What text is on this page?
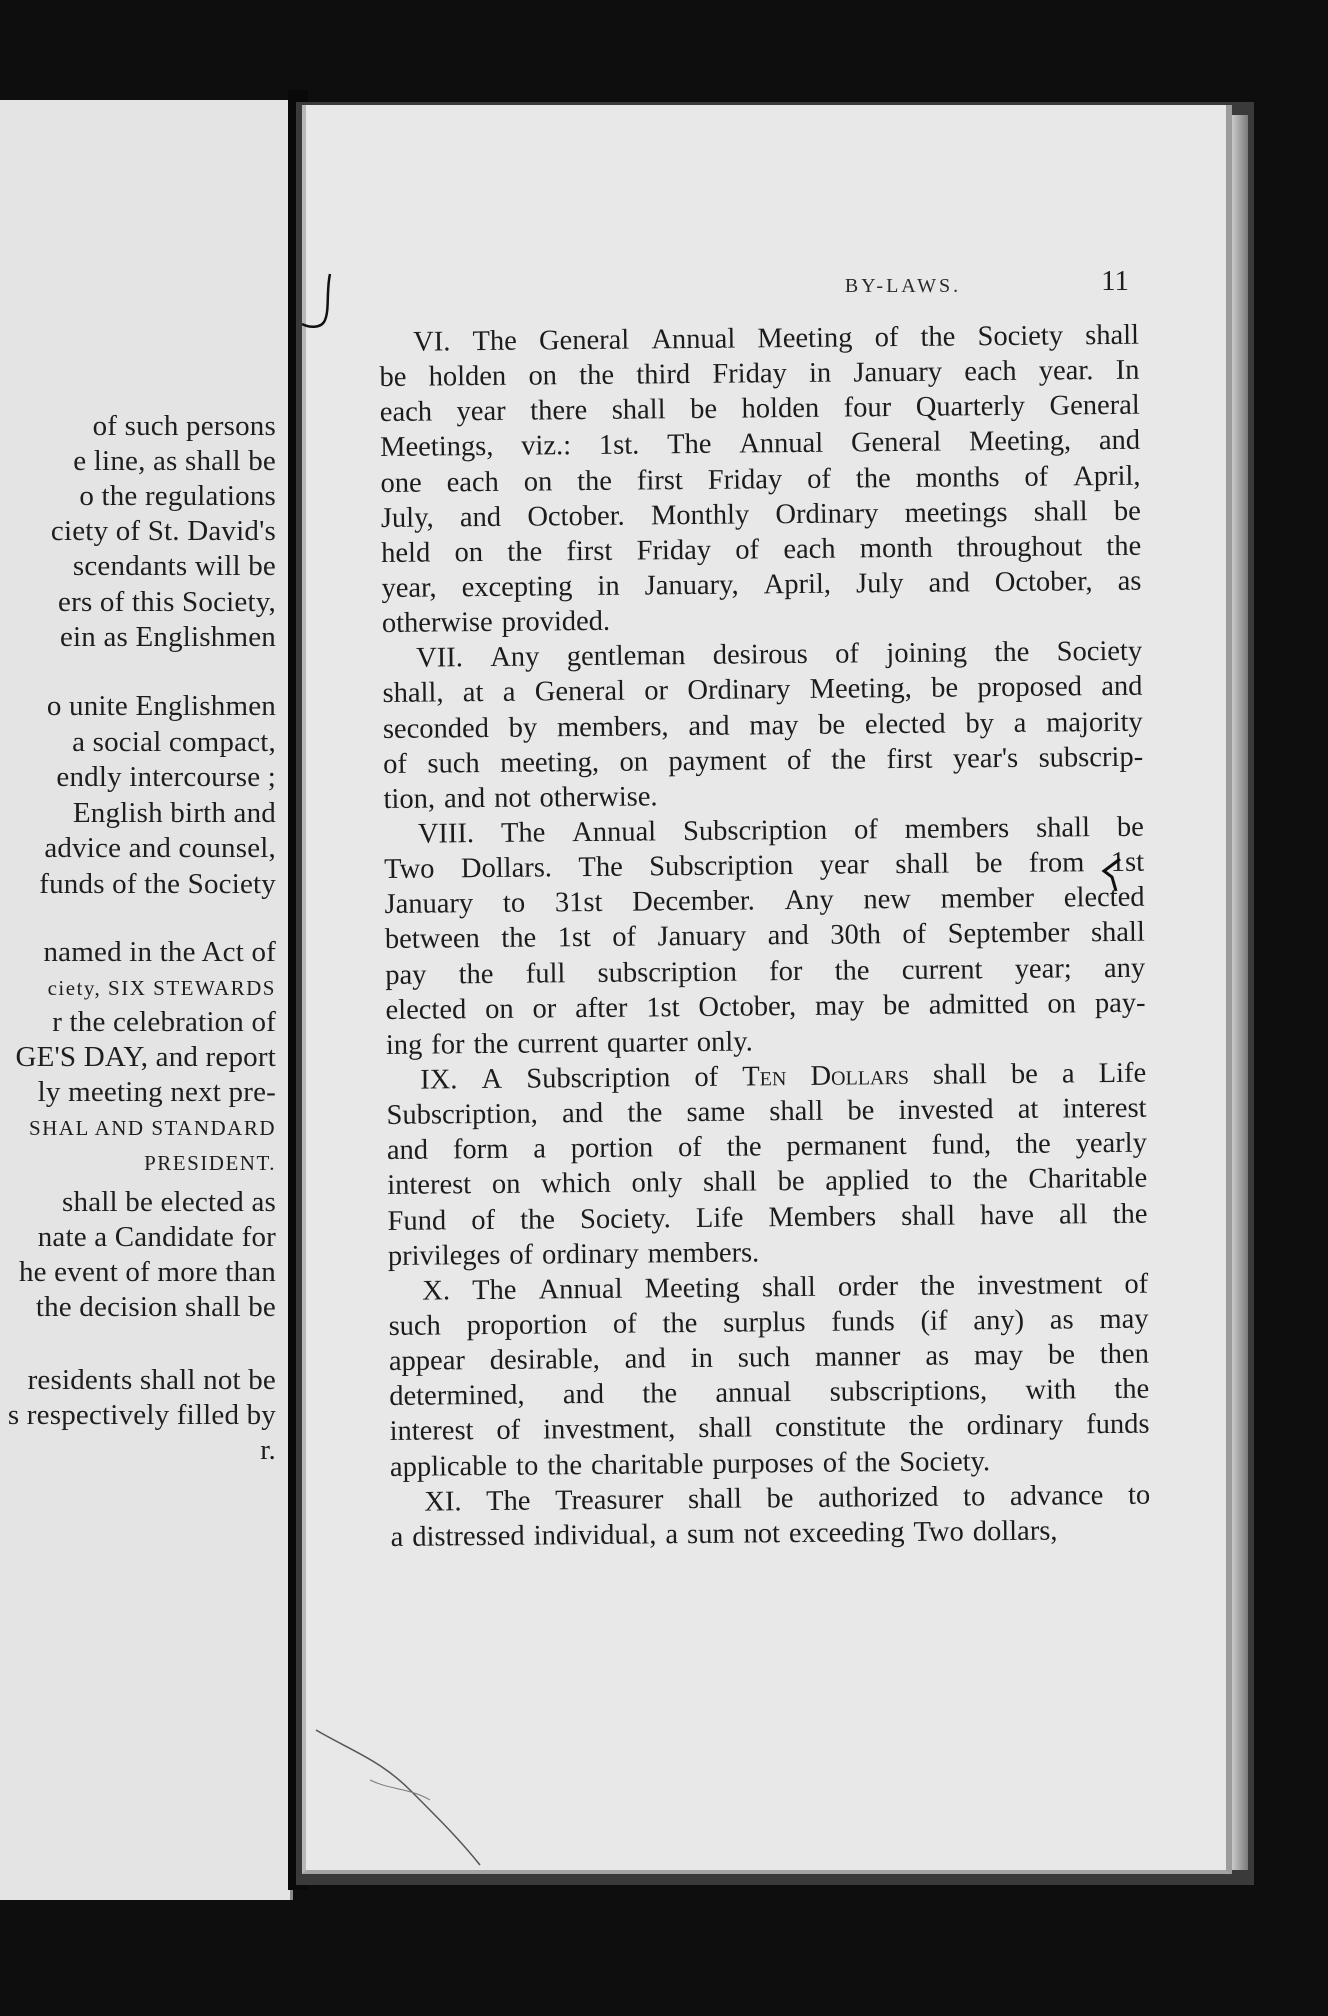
of such persons
e line, as shall be
o the regulations
ciety of St. David's
scendants will be
ers of this Society,
ein as Englishmen
o unite Englishmen
a social compact,
endly intercourse ;
English birth and
advice and counsel,
funds of the Society
named in the Act of
ciety, SIX STEWARDS
r the celebration of
GE'S DAY, and report
ly meeting next pre-
SHAL AND STANDARD
PRESIDENT.
shall be elected as
nate a Candidate for
he event of more than
the decision shall be
residents shall not be
s respectively filled by
r.
BY-LAWS.	11
VI. The General Annual Meeting of the Society shall
be holden on the third Friday in January each year. In
each year there shall be holden four Quarterly General
Meetings, viz.: 1st. The Annual General Meeting, and
one each on the first Friday of the months of April,
July, and October. Monthly Ordinary meetings shall be
held on the first Friday of each month throughout the
year, excepting in January, April, July and October, as
otherwise provided.
VII. Any gentleman desirous of joining the Society
shall, at a General or Ordinary Meeting, be proposed and
seconded by members, and may be elected by a majority
of such meeting, on payment of the first year's subscrip-
tion, and not otherwise.
VIII. The Annual Subscription of members shall be
Two Dollars. The Subscription year shall be from 1st
January to 31st December. Any new member elected
between the 1st of January and 30th of September shall
pay the full subscription for the current year; any
elected on or after 1st October, may be admitted on pay-
ing for the current quarter only.
IX. A Subscription of Ten Dollars shall be a Life
Subscription, and the same shall be invested at interest
and form a portion of the permanent fund, the yearly
interest on which only shall be applied to the Charitable
Fund of the Society. Life Members shall have all the
privileges of ordinary members.
X. The Annual Meeting shall order the investment of
such proportion of the surplus funds (if any) as may
appear desirable, and in such manner as may be then
determined, and the annual subscriptions, with the
interest of investment, shall constitute the ordinary funds
applicable to the charitable purposes of the Society.
XI. The Treasurer shall be authorized to advance to
a distressed individual, a sum not exceeding Two dollars,
